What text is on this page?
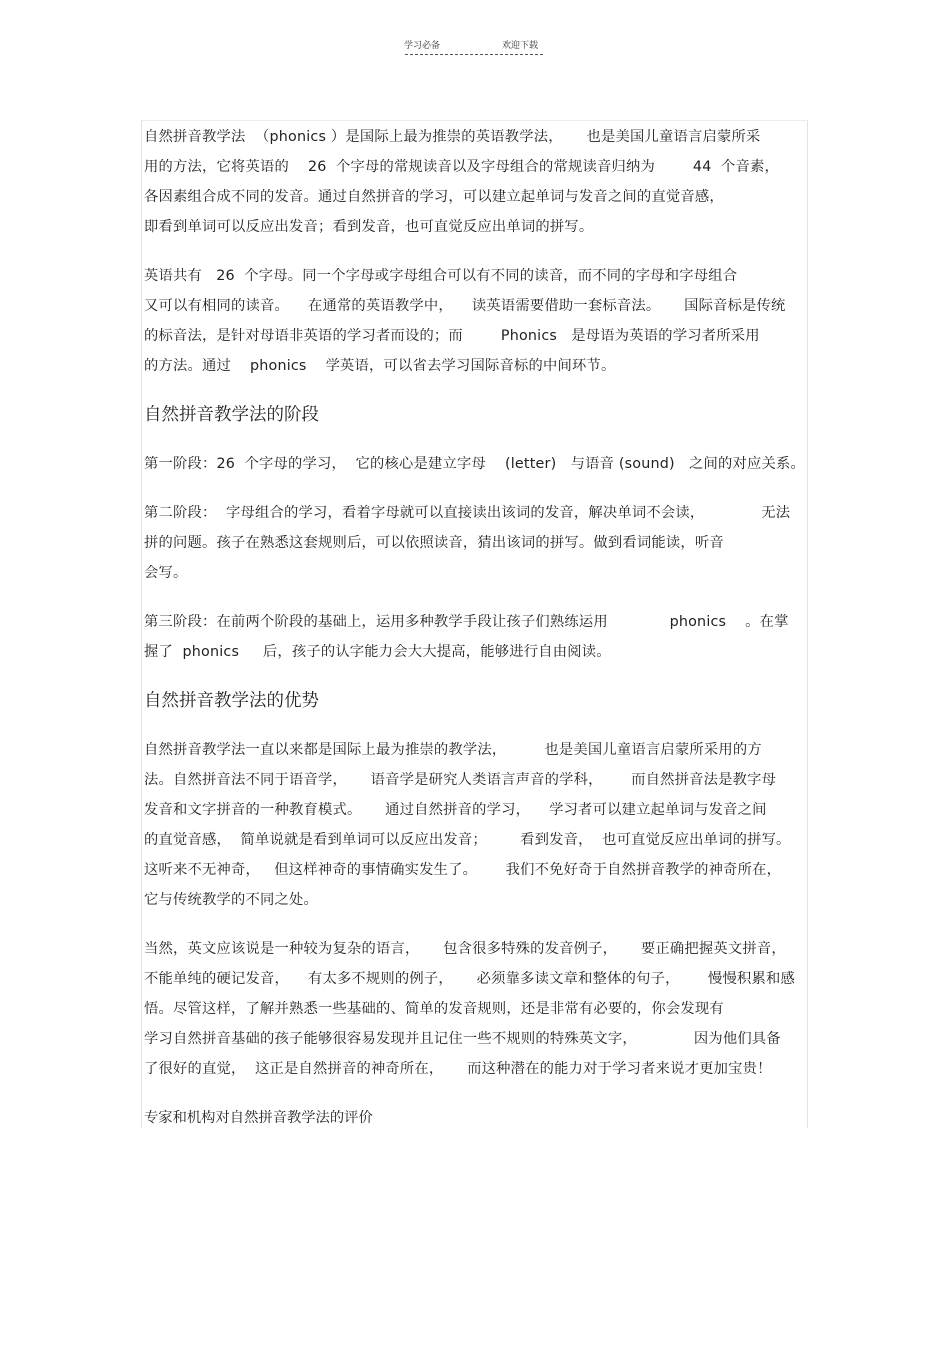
学习必备	欢迎下载
自然拼音教学法  （phonics ）是国际上最为推崇的英语教学法，     也是美国儿童语言启蒙所采
用的方法，它将英语的    26  个字母的常规读音以及字母组合的常规读音归纳为        44  个音素，
各因素组合成不同的发音。通过自然拼音的学习，可以建立起单词与发音之间的直觉音感，
即看到单词可以反应出发音；看到发音，也可直觉反应出单词的拼写。
英语共有   26  个字母。同一个字母或字母组合可以有不同的读音，而不同的字母和字母组合
又可以有相同的读音。    在通常的英语教学中，    读英语需要借助一套标音法。     国际音标是传统
的标音法，是针对母语非英语的学习者而设的；而        Phonics   是母语为英语的学习者所采用
的方法。通过    phonics    学英语，可以省去学习国际音标的中间环节。
自然拼音教学法的阶段
第一阶段：26  个字母的学习，  它的核心是建立字母    (letter)   与语音 (sound)   之间的对应关系。
第二阶段：  字母组合的学习，看着字母就可以直接读出该词的发音，解决单词不会读，            无法
拼的问题。孩子在熟悉这套规则后，可以依照读音，猜出该词的拼写。做到看词能读，听音
会写。
第三阶段：在前两个阶段的基础上，运用多种教学手段让孩子们熟练运用             phonics    。在掌
握了  phonics     后，孩子的认字能力会大大提高，能够进行自由阅读。
自然拼音教学法的优势
自然拼音教学法一直以来都是国际上最为推崇的教学法，        也是美国儿童语言启蒙所采用的方
法。自然拼音法不同于语音学，     语音学是研究人类语言声音的学科，      而自然拼音法是教字母
发音和文字拼音的一种教育模式。     通过自然拼音的学习，    学习者可以建立起单词与发音之间
的直觉音感，  简单说就是看到单词可以反应出发音；       看到发音，  也可直觉反应出单词的拼写。
这听来不无神奇，   但这样神奇的事情确实发生了。      我们不免好奇于自然拼音教学的神奇所在，
它与传统教学的不同之处。
当然，英文应该说是一种较为复杂的语言，     包含很多特殊的发音例子，     要正确把握英文拼音，
不能单纯的硬记发音，    有太多不规则的例子，     必须靠多读文章和整体的句子，      慢慢积累和感
悟。尽管这样，了解并熟悉一些基础的、简单的发音规则，还是非常有必要的，你会发现有
学习自然拼音基础的孩子能够很容易发现并且记住一些不规则的特殊英文字，            因为他们具备
了很好的直觉，  这正是自然拼音的神奇所在，     而这种潜在的能力对于学习者来说才更加宝贵！
专家和机构对自然拼音教学法的评价
